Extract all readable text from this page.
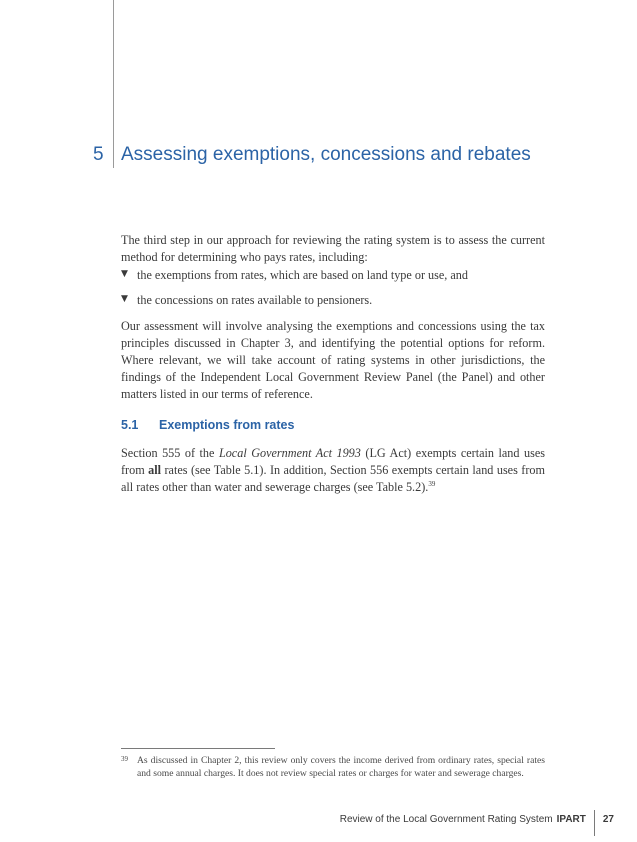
5 Assessing exemptions, concessions and rebates

The third step in our approach for reviewing the rating system is to assess the current method for determining who pays rates, including:

▼ the exemptions from rates, which are based on land type or use, and
▼ the concessions on rates available to pensioners.

Our assessment will involve analysing the exemptions and concessions using the tax principles discussed in Chapter 3, and identifying the potential options for reform. Where relevant, we will take account of rating systems in other jurisdictions, the findings of the Independent Local Government Review Panel (the Panel) and other matters listed in our terms of reference.

5.1 Exemptions from rates

Section 555 of the Local Government Act 1993 (LG Act) exempts certain land uses from all rates (see Table 5.1). In addition, Section 556 exempts certain land uses from all rates other than water and sewerage charges (see Table 5.2).$^{39}$

39 As discussed in Chapter 2, this review only covers the income derived from ordinary rates, special rates and some annual charges. It does not review special rates or charges for water and sewerage charges.
Review of the Local Government Rating System IPART 27
